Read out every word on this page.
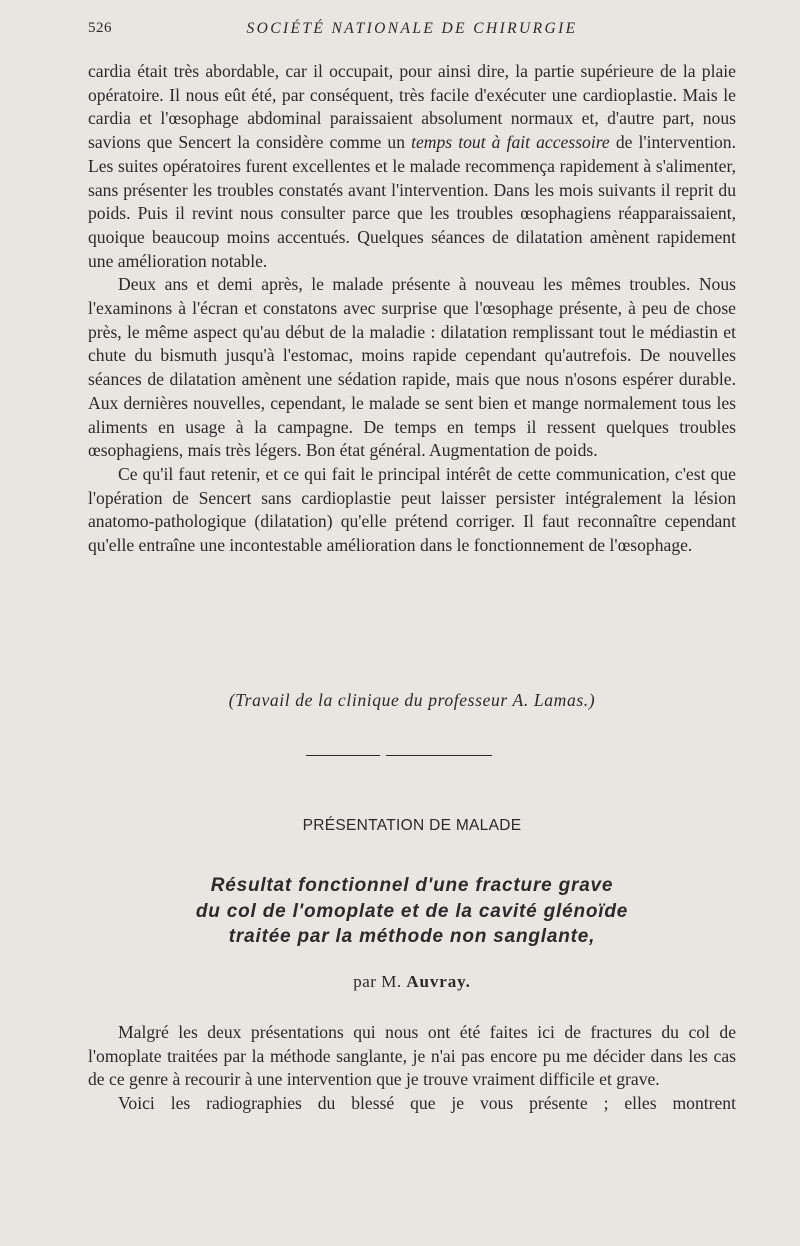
526	SOCIÉTÉ NATIONALE DE CHIRURGIE

cardia était très abordable, car il occupait, pour ainsi dire, la partie supérieure de la plaie opératoire. Il nous eût été, par conséquent, très facile d'exécuter une cardioplastie. Mais le cardia et l'œsophage abdominal paraissaient absolument normaux et, d'autre part, nous savions que Sencert la considère comme un temps tout à fait accessoire de l'intervention. Les suites opératoires furent excellentes et le malade recommença rapidement à s'alimenter, sans présenter les troubles constatés avant l'intervention. Dans les mois suivants il reprit du poids. Puis il revint nous consulter parce que les troubles œsophagiens réapparaissaient, quoique beaucoup moins accentués. Quelques séances de dilatation amènent rapidement une amélioration notable.

Deux ans et demi après, le malade présente à nouveau les mêmes troubles. Nous l'examinons à l'écran et constatons avec surprise que l'œsophage présente, à peu de chose près, le même aspect qu'au début de la maladie : dilatation remplissant tout le médiastin et chute du bismuth jusqu'à l'estomac, moins rapide cependant qu'autrefois. De nouvelles séances de dilatation amènent une sédation rapide, mais que nous n'osons espérer durable. Aux dernières nouvelles, cependant, le malade se sent bien et mange normalement tous les aliments en usage à la campagne. De temps en temps il ressent quelques troubles œsophagiens, mais très légers. Bon état général. Augmentation de poids.

Ce qu'il faut retenir, et ce qui fait le principal intérêt de cette communication, c'est que l'opération de Sencert sans cardioplastie peut laisser persister intégralement la lésion anatomo-pathologique (dilatation) qu'elle prétend corriger. Il faut reconnaître cependant qu'elle entraîne une incontestable amélioration dans le fonctionnement de l'œsophage.

(Travail de la clinique du professeur A. Lamas.)
PRÉSENTATION DE MALADE
Résultat fonctionnel d'une fracture grave
du col de l'omoplate et de la cavité glénoïde
traitée par la méthode non sanglante,
par M. Auvray.

Malgré les deux présentations qui nous ont été faites ici de fractures du col de l'omoplate traitées par la méthode sanglante, je n'ai pas encore pu me décider dans les cas de ce genre à recourir à une intervention que je trouve vraiment difficile et grave.

Voici les radiographies du blessé que je vous présente ; elles montrent
